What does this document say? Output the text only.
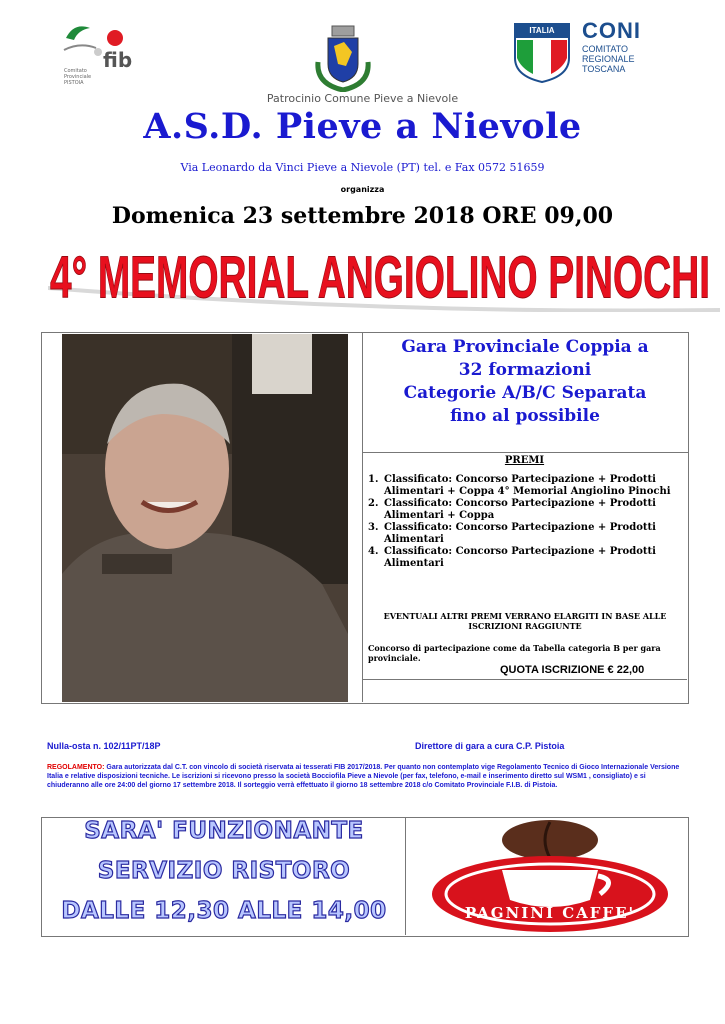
fib
Comitato Provinciale PISTOIA
ITALIA	CONI
COMITATO REGIONALE TOSCANA
Patrocinio Comune Pieve a Nievole
A.S.D. Pieve a Nievole
Via Leonardo da Vinci Pieve a Nievole (PT) tel. e Fax 0572 51659
organizza
Domenica 23 settembre 2018 ORE 09,00
4° MEMORIAL ANGIOLINO PINOCHI
Gara Provinciale Coppia a
32 formazioni
Categorie A/B/C Separata
fino al possibile
PREMI
1. Classificato: Concorso Partecipazione + Prodotti Alimentari + Coppa 4° Memorial Angiolino Pinochi
2. Classificato: Concorso Partecipazione + Prodotti Alimentari + Coppa
3. Classificato: Concorso Partecipazione + Prodotti Alimentari
4. Classificato: Concorso Partecipazione + Prodotti Alimentari
EVENTUALI ALTRI PREMI VERRANO ELARGITI IN BASE ALLE ISCRIZIONI RAGGIUNTE
Concorso di partecipazione come da Tabella categoria B per gara provinciale.
QUOTA ISCRIZIONE € 22,00
Nulla-osta n. 102/11PT/18P	Direttore di gara a cura C.P. Pistoia
REGOLAMENTO: Gara autorizzata dal C.T. con vincolo di società riservata ai tesserati FIB 2017/2018. Per quanto non contemplato vige Regolamento Tecnico di Gioco Internazionale Versione Italia e relative disposizioni tecniche. Le iscrizioni si ricevono presso la società Bocciofila Pieve a Nievole (per fax, telefono, e-mail e inserimento diretto sul WSM1 , consigliato) e si chiuderanno alle ore 24:00 del giorno 17 settembre 2018. Il sorteggio verrà effettuato il giorno 18 settembre 2018 c/o Comitato Provinciale F.I.B. di Pistoia.
SARA' FUNZIONANTE
SERVIZIO RISTORO
DALLE 12,30 ALLE 14,00	PAGNINI CAFFE'
